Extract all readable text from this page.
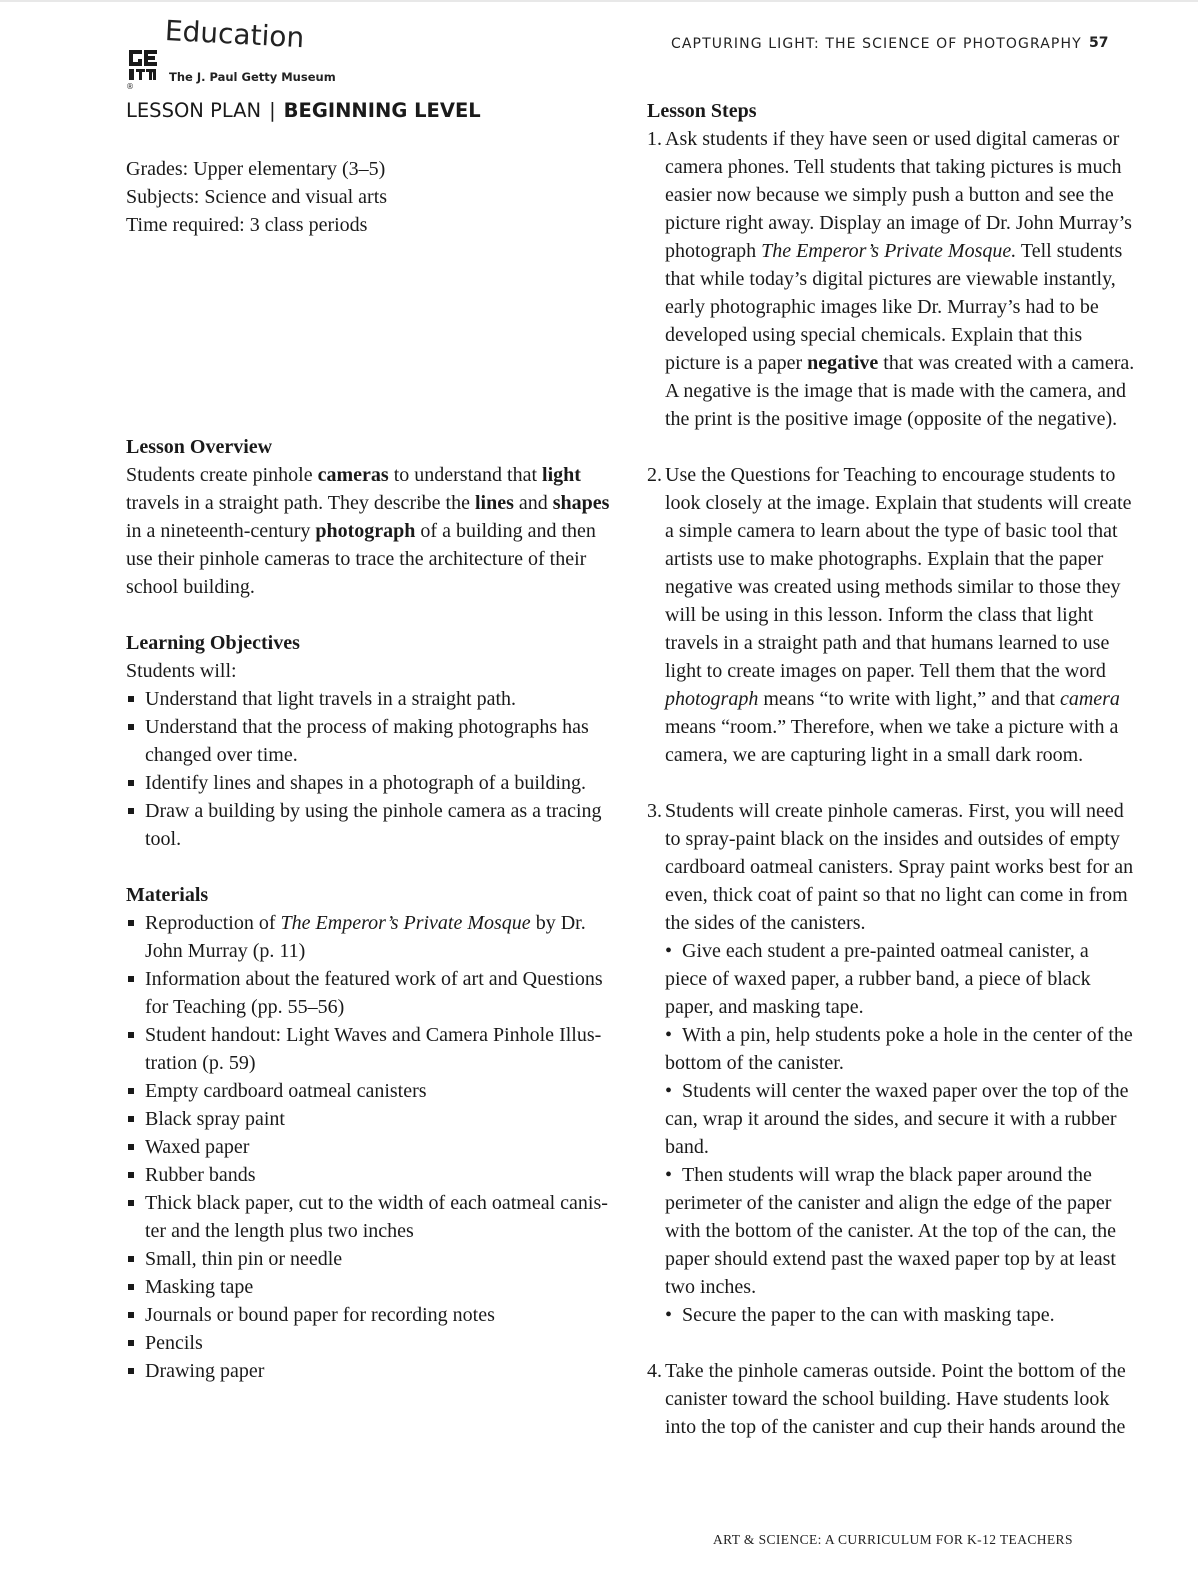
Education
®
The J. Paul Getty Museum
CAPTURING LIGHT: THE SCIENCE OF PHOTOGRAPHY 57
LESSON PLAN | BEGINNING LEVEL

Grades: Upper elementary (3–5)

Subjects: Science and visual arts

Time required: 3 class periods

Lesson Overview

Students create pinhole cameras to understand that light travels in a straight path. They describe the lines and shapes in a nineteenth-century photograph of a building and then use their pinhole cameras to trace the architecture of their school building.

Learning Objectives

Students will:

Understand that light travels in a straight path.
Understand that the process of making photographs has changed over time.
Identify lines and shapes in a photograph of a building.
Draw a building by using the pinhole camera as a tracing tool.

Materials

Reproduction of The Emperor’s Private Mosque by Dr. John Murray (p. 11)
Information about the featured work of art and Questions for Teaching (pp. 55–56)
Student handout: Light Waves and Camera Pinhole Illus-tration (p. 59)
Empty cardboard oatmeal canisters
Black spray paint
Waxed paper
Rubber bands
Thick black paper, cut to the width of each oatmeal canis-ter and the length plus two inches
Small, thin pin or needle
Masking tape
Journals or bound paper for recording notes
Pencils
Drawing paper

Lesson Steps

1. Ask students if they have seen or used digital cameras or camera phones. Tell students that taking pictures is much easier now because we simply push a button and see the picture right away. Display an image of Dr. John Murray’s photograph The Emperor’s Private Mosque. Tell students that while today’s digital pictures are viewable instantly, early photographic images like Dr. Murray’s had to be developed using special chemicals. Explain that this picture is a paper negative that was created with a camera. A negative is the image that is made with the camera, and the print is the positive image (opposite of the negative).
2. Use the Questions for Teaching to encourage students to look closely at the image. Explain that students will create a simple camera to learn about the type of basic tool that artists use to make photographs. Explain that the paper negative was created using methods similar to those they will be using in this lesson. Inform the class that light travels in a straight path and that humans learned to use light to create images on paper. Tell them that the word photograph means “to write with light,” and that camera means “room.” Therefore, when we take a picture with a camera, we are capturing light in a small dark room.
3. Students will create pinhole cameras. First, you will need to spray-paint black on the insides and outsides of empty cardboard oatmeal canisters. Spray paint works best for an even, thick coat of paint so that no light can come in from the sides of the canisters.
• Give each student a pre-painted oatmeal canister, a piece of waxed paper, a rubber band, a piece of black paper, and masking tape.
• With a pin, help students poke a hole in the center of the bottom of the canister.
• Students will center the waxed paper over the top of the can, wrap it around the sides, and secure it with a rubber band.
• Then students will wrap the black paper around the perimeter of the canister and align the edge of the paper with the bottom of the canister. At the top of the can, the paper should extend past the waxed paper top by at least two inches.
• Secure the paper to the can with masking tape.
4. Take the pinhole cameras outside. Point the bottom of the canister toward the school building. Have students look into the top of the canister and cup their hands around the
ART & SCIENCE: A CURRICULUM FOR K-12 TEACHERS
